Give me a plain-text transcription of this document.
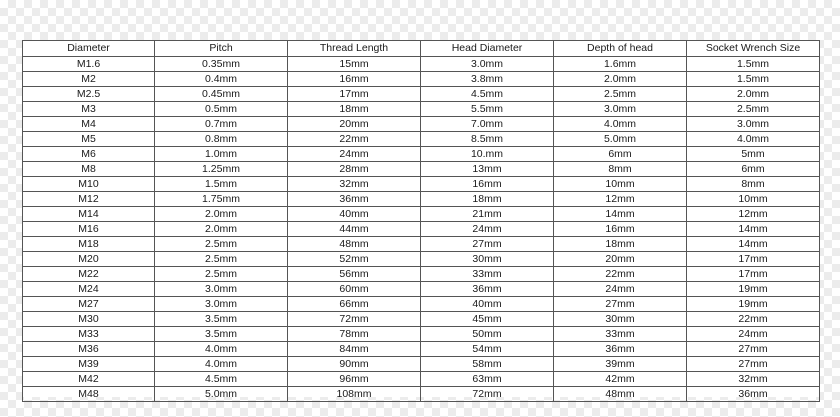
Diameter	Pitch	Thread Length	Head Diameter	Depth of head	Socket Wrench Size
M1.6	0.35mm	15mm	3.0mm	1.6mm	1.5mm
M2	0.4mm	16mm	3.8mm	2.0mm	1.5mm
M2.5	0.45mm	17mm	4.5mm	2.5mm	2.0mm
M3	0.5mm	18mm	5.5mm	3.0mm	2.5mm
M4	0.7mm	20mm	7.0mm	4.0mm	3.0mm
M5	0.8mm	22mm	8.5mm	5.0mm	4.0mm
M6	1.0mm	24mm	10.mm	6mm	5mm
M8	1.25mm	28mm	13mm	8mm	6mm
M10	1.5mm	32mm	16mm	10mm	8mm
M12	1.75mm	36mm	18mm	12mm	10mm
M14	2.0mm	40mm	21mm	14mm	12mm
M16	2.0mm	44mm	24mm	16mm	14mm
M18	2.5mm	48mm	27mm	18mm	14mm
M20	2.5mm	52mm	30mm	20mm	17mm
M22	2.5mm	56mm	33mm	22mm	17mm
M24	3.0mm	60mm	36mm	24mm	19mm
M27	3.0mm	66mm	40mm	27mm	19mm
M30	3.5mm	72mm	45mm	30mm	22mm
M33	3.5mm	78mm	50mm	33mm	24mm
M36	4.0mm	84mm	54mm	36mm	27mm
M39	4.0mm	90mm	58mm	39mm	27mm
M42	4.5mm	96mm	63mm	42mm	32mm
M48	5.0mm	108mm	72mm	48mm	36mm
